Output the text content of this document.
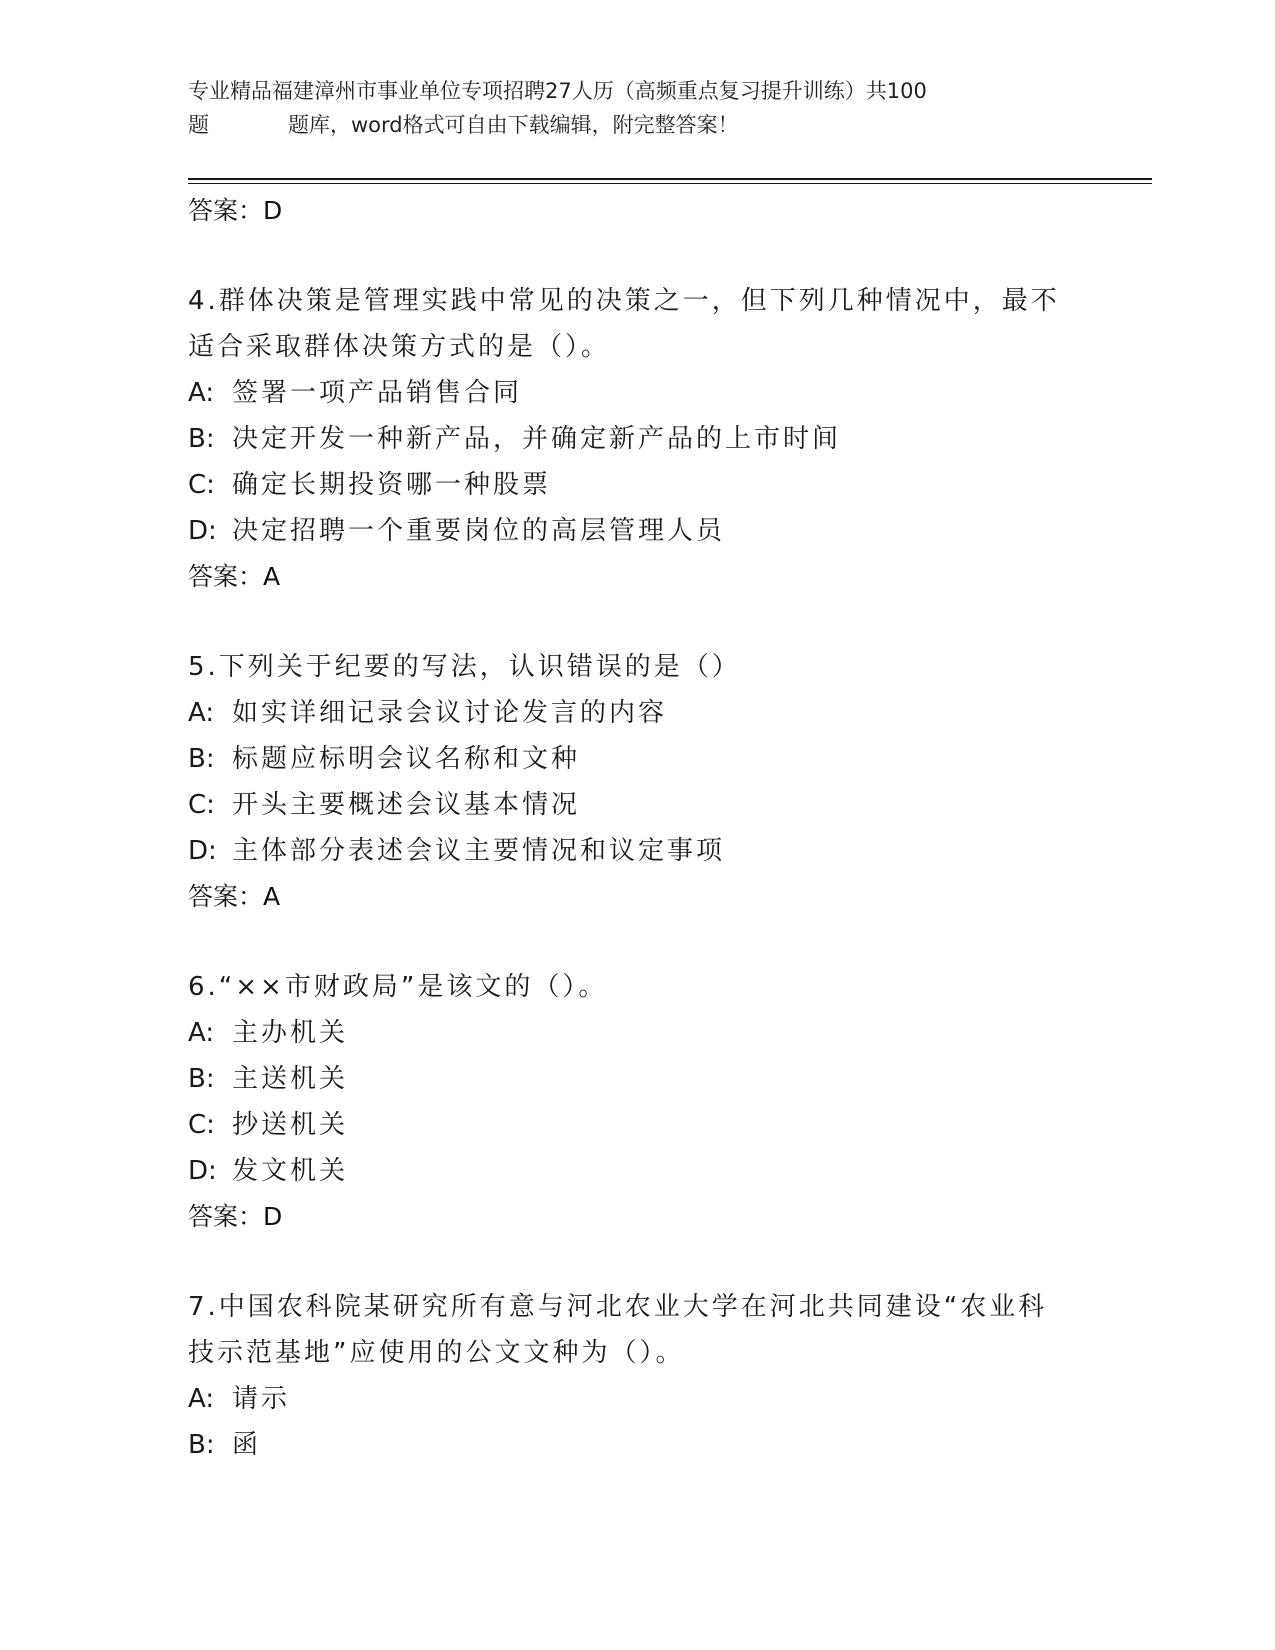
专业精品福建漳州市事业单位专项招聘27人历（高频重点复习提升训练）共100
题	题库，word格式可自由下载编辑，附完整答案！
答案：D
4.群体决策是管理实践中常见的决策之一，但下列几种情况中，最不
适合采取群体决策方式的是（）。
A: 签署一项产品销售合同
B: 决定开发一种新产品，并确定新产品的上市时间
C: 确定长期投资哪一种股票
D: 决定招聘一个重要岗位的高层管理人员
答案：A
5.下列关于纪要的写法，认识错误的是（）
A: 如实详细记录会议讨论发言的内容
B: 标题应标明会议名称和文种
C: 开头主要概述会议基本情况
D: 主体部分表述会议主要情况和议定事项
答案：A
6.“××市财政局”是该文的（）。
A: 主办机关
B: 主送机关
C: 抄送机关
D: 发文机关
答案：D
7.中国农科院某研究所有意与河北农业大学在河北共同建设“农业科
技示范基地”应使用的公文文种为（）。
A: 请示
B: 函
